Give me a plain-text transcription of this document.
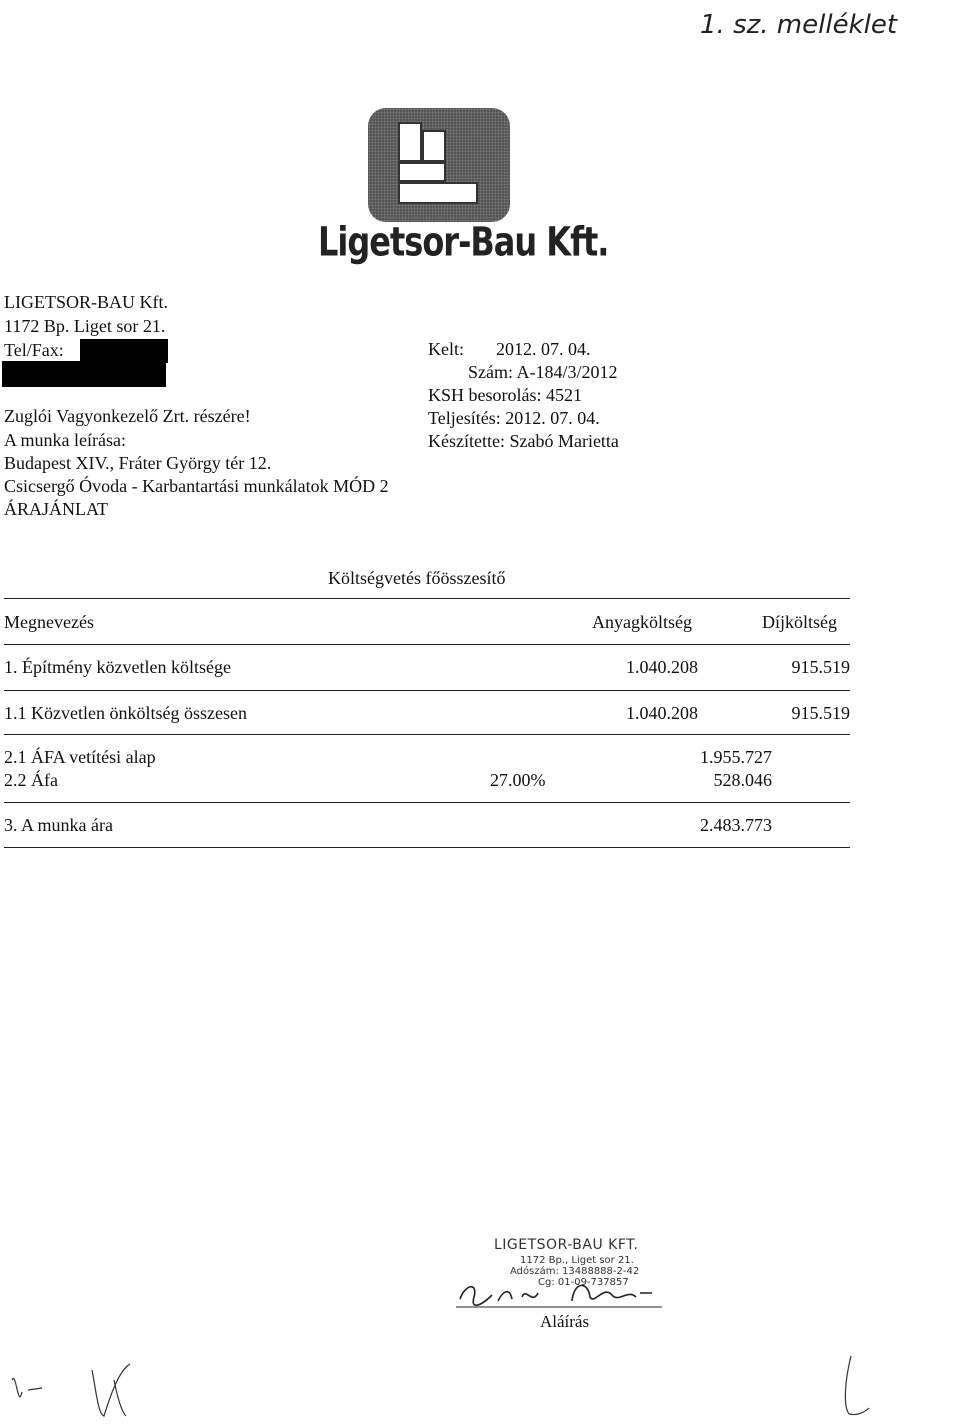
1. sz. melléklet
Ligetsor-Bau Kft.
LIGETSOR-BAU Kft.
1172 Bp. Liget sor 21.
Tel/Fax:
Zuglói Vagyonkezelő Zrt. részére!
A munka leírása:
Budapest XIV., Fráter György tér 12.
Csicsergő Óvoda - Karbantartási munkálatok MÓD 2
ÁRAJÁNLAT
Kelt: 2012. 07. 04.
Szám: A-184/3/2012
KSH besorolás: 4521
Teljesítés: 2012. 07. 04.
Készítette: Szabó Marietta
Költségvetés főösszesítő
Megnevezés	Anyagköltség	Díjköltség
1. Építmény közvetlen költsége	1.040.208	915.519
1.1 Közvetlen önköltség összesen	1.040.208	915.519
2.1 ÁFA vetítési alap	1.955.727
2.2 Áfa	27.00%	528.046
3. A munka ára	2.483.773
LIGETSOR-BAU KFT.
1172 Bp., Liget sor 21.
Adószám: 13488888-2-42
Cg: 01-09-737857
Aláírás
